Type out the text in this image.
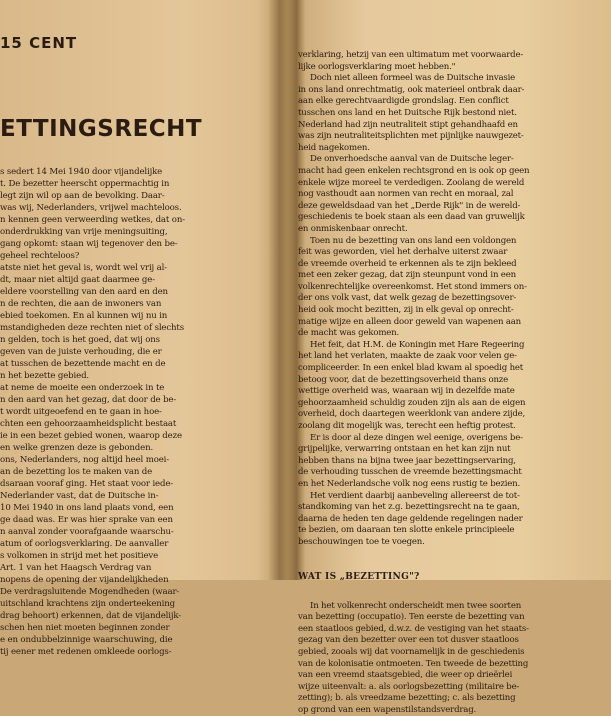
15 CENT
ETTINGSRECHT
s sedert 14 Mei 1940 door vijandelijke
t. De bezetter heerscht oppermachtig in
legt zijn wil op aan de bevolking. Daar-
was wij, Nederlanders, vrijwel machteloos.
n kennen geen verweerding wetkes, dat on-
onderdrukking van vrije meningsuiting,
gang opkomt: staan wij tegenover den be-
geheel rechteloos?
atste niet het geval is, wordt wel vrij al-
dt, maar niet altijd gaat daarmee ge-
eldere voorstelling van den aard en den
n de rechten, die aan de inwoners van
ebied toekomen. En al kunnen wij nu in
mstandigheden deze rechten niet of slechts
n gelden, toch is het goed, dat wij ons
geven van de juiste verhouding, die er
at tusschen de bezettende macht en de
n het bezette gebied.
at neme de moeite een onderzoek in te
n den aard van het gezag, dat door de be-
t wordt uitgeoefend en te gaan in hoe-
chten een gehoorzaamheidsplicht bestaat
ie in een bezet gebied wonen, waarop deze
en welke grenzen deze is gebonden.
ons, Nederlanders, nog altijd heel moei-
an de bezetting los te maken van de
dsaraan vooraf ging. Het staat voor iede-
Nederlander vast, dat de Duitsche in-
10 Mei 1940 in ons land plaats vond, een
ge daad was. Er was hier sprake van een
n aanval zonder voorafgaande waarschu-
atum of oorlogsverklaring. De aanvaller
s volkomen in strijd met het positieve
Art. 1 van het Haagsch Verdrag van
nopens de opening der vijandelijkheden
De verdragsluitende Mogendheden (waar-
uitschland krachtens zijn onderteekening
drag behoort) erkennen, dat de vijandelijk-
schen hen niet moeten beginnen zonder
e en ondubbelzinnige waarschuwing, die
tij eener met redenen omkleede oorlogs-
verklaring, hetzij van een ultimatum met voorwaarde-
lijke oorlogsverklaring moet hebben."
Doch niet alleen formeel was de Duitsche invasie
in ons land onrechtmatig, ook materieel ontbrak daar-
aan elke gerechtvaardigde grondslag. Een conflict
tusschen ons land en het Duitsche Rijk bestond niet.
Nederland had zijn neutraliteit stipt gehandhaafd en
was zijn neutraliteitsplichten met pijnlijke nauwgezet-
heid nagekomen.
De onverhoedsche aanval van de Duitsche leger-
macht had geen enkelen rechtsgrond en is ook op geen
enkele wijze moreel te verdedigen. Zoolang de wereld
nog vasthoudt aan normen van recht en moraal, zal
deze geweldsdaad van het „Derde Rijk" in de wereld-
geschiedenis te boek staan als een daad van gruwelijk
en onmiskenbaar onrecht.
Toen nu de bezetting van ons land een voldongen
feit was geworden, viel het derhalve uiterst zwaar
de vreemde overheid te erkennen als te zijn bekleed
met een zeker gezag, dat zijn steunpunt vond in een
volkenrechtelijke overeenkomst. Het stond immers on-
der ons volk vast, dat welk gezag de bezettingsover-
heid ook mocht bezitten, zij in elk geval op onrecht-
matige wijze en alleen door geweld van wapenen aan
de macht was gekomen.
Het feit, dat H.M. de Koningin met Hare Regeering
het land het verlaten, maakte de zaak voor velen ge-
compliceerder. In een enkel blad kwam al spoedig het
betoog voor, dat de bezettingsoverheid thans onze
wettige overheid was, waaraan wij in dezelfde mate
gehoorzaamheid schuldig zouden zijn als aan de eigen
overheid, doch daartegen weerklonk van andere zijde,
zoolang dit mogelijk was, terecht een heftig protest.
Er is door al deze dingen wel eenige, overigens be-
grijpelijke, verwarring ontstaan en het kan zijn nut
hebben thans na bijna twee jaar bezettingservaring,
de verhouding tusschen de vreemde bezettingsmacht
en het Nederlandsche volk nog eens rustig te bezien.
Het verdient daarbij aanbeveling allereerst de tot-
standkoming van het z.g. bezettingsrecht na te gaan,
daarna de heden ten dage geldende regelingen nader
te bezien, om daaraan ten slotte enkele principieele
beschouwingen toe te voegen.
WAT IS „BEZETTING"?
In het volkenrecht onderscheidt men twee soorten
van bezetting (occupatio). Ten eerste de bezetting van
een staatloos gebied, d.w.z. de vestiging van het staats-
gezag van den bezetter over een tot dusver staatloos
gebied, zooals wij dat voornamelijk in de geschiedenis
van de kolonisatie ontmoeten. Ten tweede de bezetting
van een vreemd staatsgebied, die weer op drieërlei
wijze uiteenvalt: a. als oorlogsbezetting (militaire be-
zetting); b. als vreedzame bezetting; c. als bezetting
op grond van een wapenstilstandsverdrag.
